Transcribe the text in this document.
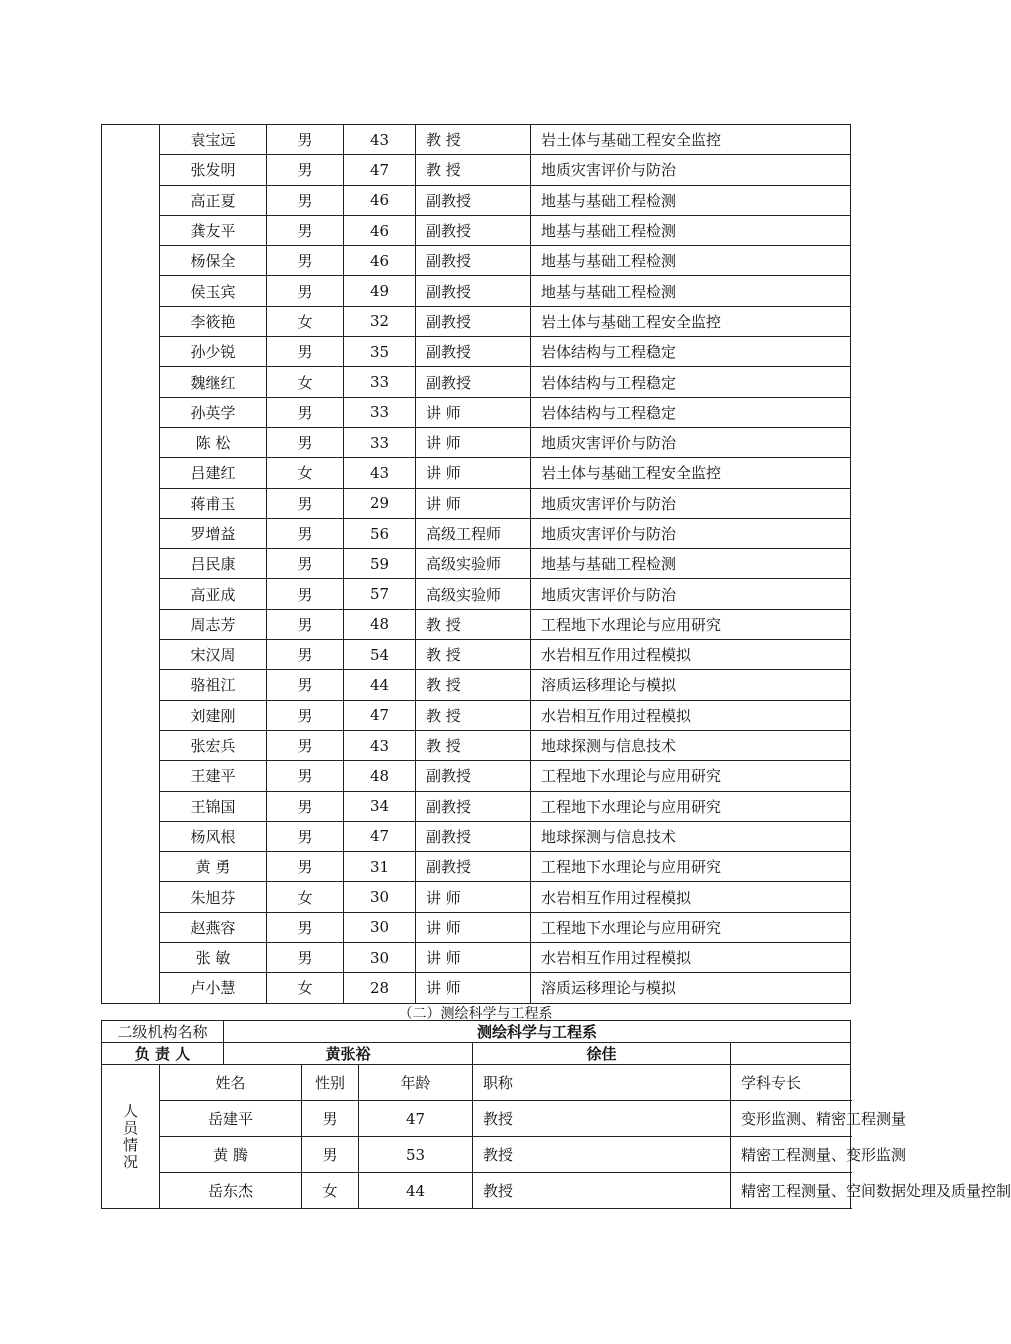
	袁宝远	男	43	教 授	岩土体与基础工程安全监控
	张发明	男	47	教 授	地质灾害评价与防治
	高正夏	男	46	副教授	地基与基础工程检测
	龚友平	男	46	副教授	地基与基础工程检测
	杨保全	男	46	副教授	地基与基础工程检测
	侯玉宾	男	49	副教授	地基与基础工程检测
	李筱艳	女	32	副教授	岩土体与基础工程安全监控
	孙少锐	男	35	副教授	岩体结构与工程稳定
	魏继红	女	33	副教授	岩体结构与工程稳定
	孙英学	男	33	讲 师	岩体结构与工程稳定
	陈 松	男	33	讲 师	地质灾害评价与防治
	吕建红	女	43	讲 师	岩土体与基础工程安全监控
	蒋甫玉	男	29	讲 师	地质灾害评价与防治
	罗增益	男	56	高级工程师	地质灾害评价与防治
	吕民康	男	59	高级实验师	地基与基础工程检测
	高亚成	男	57	高级实验师	地质灾害评价与防治
	周志芳	男	48	教 授	工程地下水理论与应用研究
	宋汉周	男	54	教 授	水岩相互作用过程模拟
	骆祖江	男	44	教 授	溶质运移理论与模拟
	刘建刚	男	47	教 授	水岩相互作用过程模拟
	张宏兵	男	43	教 授	地球探测与信息技术
	王建平	男	48	副教授	工程地下水理论与应用研究
	王锦国	男	34	副教授	工程地下水理论与应用研究
	杨风根	男	47	副教授	地球探测与信息技术
	黄 勇	男	31	副教授	工程地下水理论与应用研究
	朱旭芬	女	30	讲 师	水岩相互作用过程模拟
	赵燕容	男	30	讲 师	工程地下水理论与应用研究
	张 敏	男	30	讲 师	水岩相互作用过程模拟
	卢小慧	女	28	讲 师	溶质运移理论与模拟
（二）测绘科学与工程系
二级机构名称		测绘科学与工程系				
负 责 人		黄张裕			徐佳	

人员情况	姓名		性别	年龄	职称	学科专长
	岳建平		男	47	教授	变形监测、精密工程测量
	黄 腾		男	53	教授	精密工程测量、变形监测
	岳东杰		女	44	教授	精密工程测量、空间数据处理及质量控制
